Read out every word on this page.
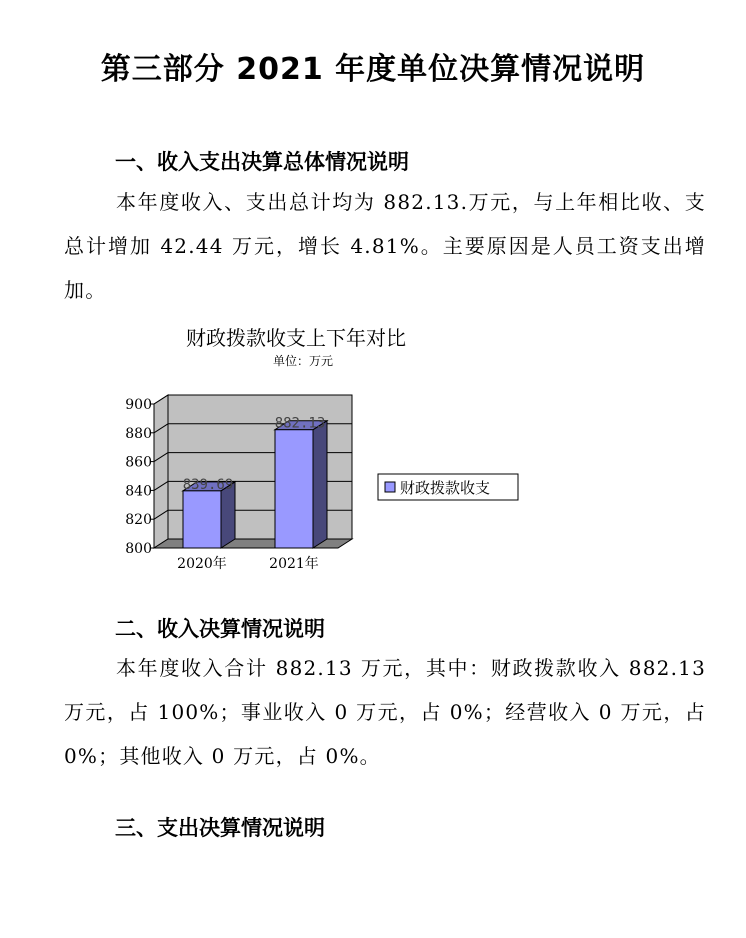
第三部分 2021 年度单位决算情况说明
一、收入支出决算总体情况说明
本年度收入、支出总计均为 882.13.万元，与上年相比收、支总计增加 42.44 万元，增长 4.81%。主要原因是人员工资支出增加。
财政拨款收支上下年对比
单位：万元
800
820
840
860
880
900
839.69
2020年
882.13
2021年
财政拨款收支
二、收入决算情况说明
本年度收入合计 882.13 万元，其中：财政拨款收入 882.13 万元，占 100%；事业收入 0 万元，占 0%；经营收入 0 万元，占 0%；其他收入 0 万元，占 0%。
三、支出决算情况说明
